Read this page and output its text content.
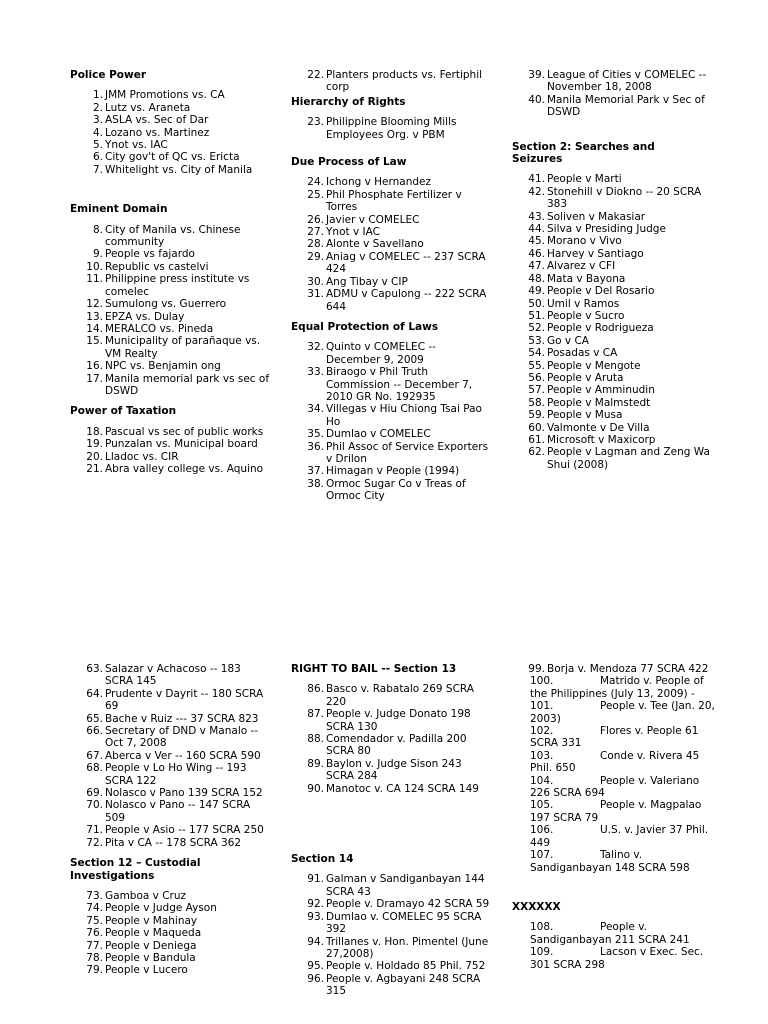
Police Power

1. JMM Promotions vs. CA
2. Lutz vs. Araneta
3. ASLA vs. Sec of Dar
4. Lozano vs. Martinez
5. Ynot vs. IAC
6. City gov't of QC vs. Ericta
7. Whitelight vs. City of Manila

Eminent Domain

8. City of Manila vs. Chinese community
9. People vs fajardo
10. Republic vs castelvi
11. Philippine press institute vs comelec
12. Sumulong vs. Guerrero
13. EPZA vs. Dulay
14. MERALCO vs. Pineda
15. Municipality of parañaque vs. VM Realty
16. NPC vs. Benjamin ong
17. Manila memorial park vs sec of DSWD

Power of Taxation

18. Pascual vs sec of public works
19. Punzalan vs. Municipal board
20. Lladoc vs. CIR
21. Abra valley college vs. Aquino
22. Planters products vs. Fertiphil corp

Hierarchy of Rights

23. Philippine Blooming Mills Employees Org. v PBM

Due Process of Law

24. Ichong v Hernandez
25. Phil Phosphate Fertilizer v Torres
26. Javier v COMELEC
27. Ynot v IAC
28. Alonte v Savellano
29. Aniag v COMELEC -- 237 SCRA 424
30. Ang Tibay v CIP
31. ADMU v Capulong -- 222 SCRA 644

Equal Protection of Laws

32. Quinto v COMELEC -- December 9, 2009
33. Biraogo v Phil Truth Commission -- December 7, 2010 GR No. 192935
34. Villegas v Hiu Chiong Tsai Pao Ho
35. Dumlao v COMELEC
36. Phil Assoc of Service Exporters v Drilon
37. Himagan v People (1994)
38. Ormoc Sugar Co v Treas of Ormoc City
39. League of Cities v COMELEC -- November 18, 2008
40. Manila Memorial Park v Sec of DSWD

Section 2: Searches and Seizures

41. People v Marti
42. Stonehill v Diokno -- 20 SCRA 383
43. Soliven v Makasiar
44. Silva v Presiding Judge
45. Morano v Vivo
46. Harvey v Santiago
47. Alvarez v CFI
48. Mata v Bayona
49. People v Del Rosario
50. Umil v Ramos
51. People v Sucro
52. People v Rodrigueza
53. Go v CA
54. Posadas v CA
55. People v Mengote
56. People v Aruta
57. People v Amminudin
58. People v Malmstedt
59. People v Musa
60. Valmonte v De Villa
61. Microsoft v Maxicorp
62. People v Lagman and Zeng Wa Shui (2008)
63. Salazar v Achacoso -- 183 SCRA 145
64. Prudente v Dayrit -- 180 SCRA 69
65. Bache v Ruiz --- 37 SCRA 823
66. Secretary of DND v Manalo -- Oct 7, 2008
67. Aberca v Ver -- 160 SCRA 590
68. People v Lo Ho Wing -- 193 SCRA 122
69. Nolasco v Pano 139 SCRA 152
70. Nolasco v Pano -- 147 SCRA 509
71. People v Asio -- 177 SCRA 250
72. Pita v CA -- 178 SCRA 362

Section 12 – Custodial Investigations

73. Gamboa v Cruz
74. People v Judge Ayson
75. People v Mahinay
76. People v Maqueda
77. People v Deniega
78. People v Bandula
79. People v Lucero

RIGHT TO BAIL -- Section 13

86. Basco v. Rabatalo 269 SCRA 220
87. People v. Judge Donato 198 SCRA 130
88. Comendador v. Padilla 200 SCRA 80
89. Baylon v. Judge Sison 243 SCRA 284
90. Manotoc v. CA 124 SCRA 149

Section 14

91. Galman v Sandiganbayan 144 SCRA 43
92. People v. Dramayo 42 SCRA 59
93. Dumlao v. COMELEC 95 SCRA 392
94. Trillanes v. Hon. Pimentel (June 27,2008)
95. People v. Holdado 85 Phil. 752
96. People v. Agbayani 248 SCRA 315
99. Borja v. Mendoza 77 SCRA 422
100.	Matrido v. People of the Philippines (July 13, 2009) -
101.	People v. Tee (Jan. 20, 2003)
102.	Flores v. People 61 SCRA 331
103.	Conde v. Rivera 45 Phil. 650
104.	People v. Valeriano 226 SCRA 694
105.	People v. Magpalao 197 SCRA 79
106.	U.S. v. Javier 37 Phil. 449
107.	Talino v. Sandiganbayan 148 SCRA 598

XXXXXX

108.	People v. Sandiganbayan 211 SCRA 241
109.	Lacson v Exec. Sec. 301 SCRA 298
